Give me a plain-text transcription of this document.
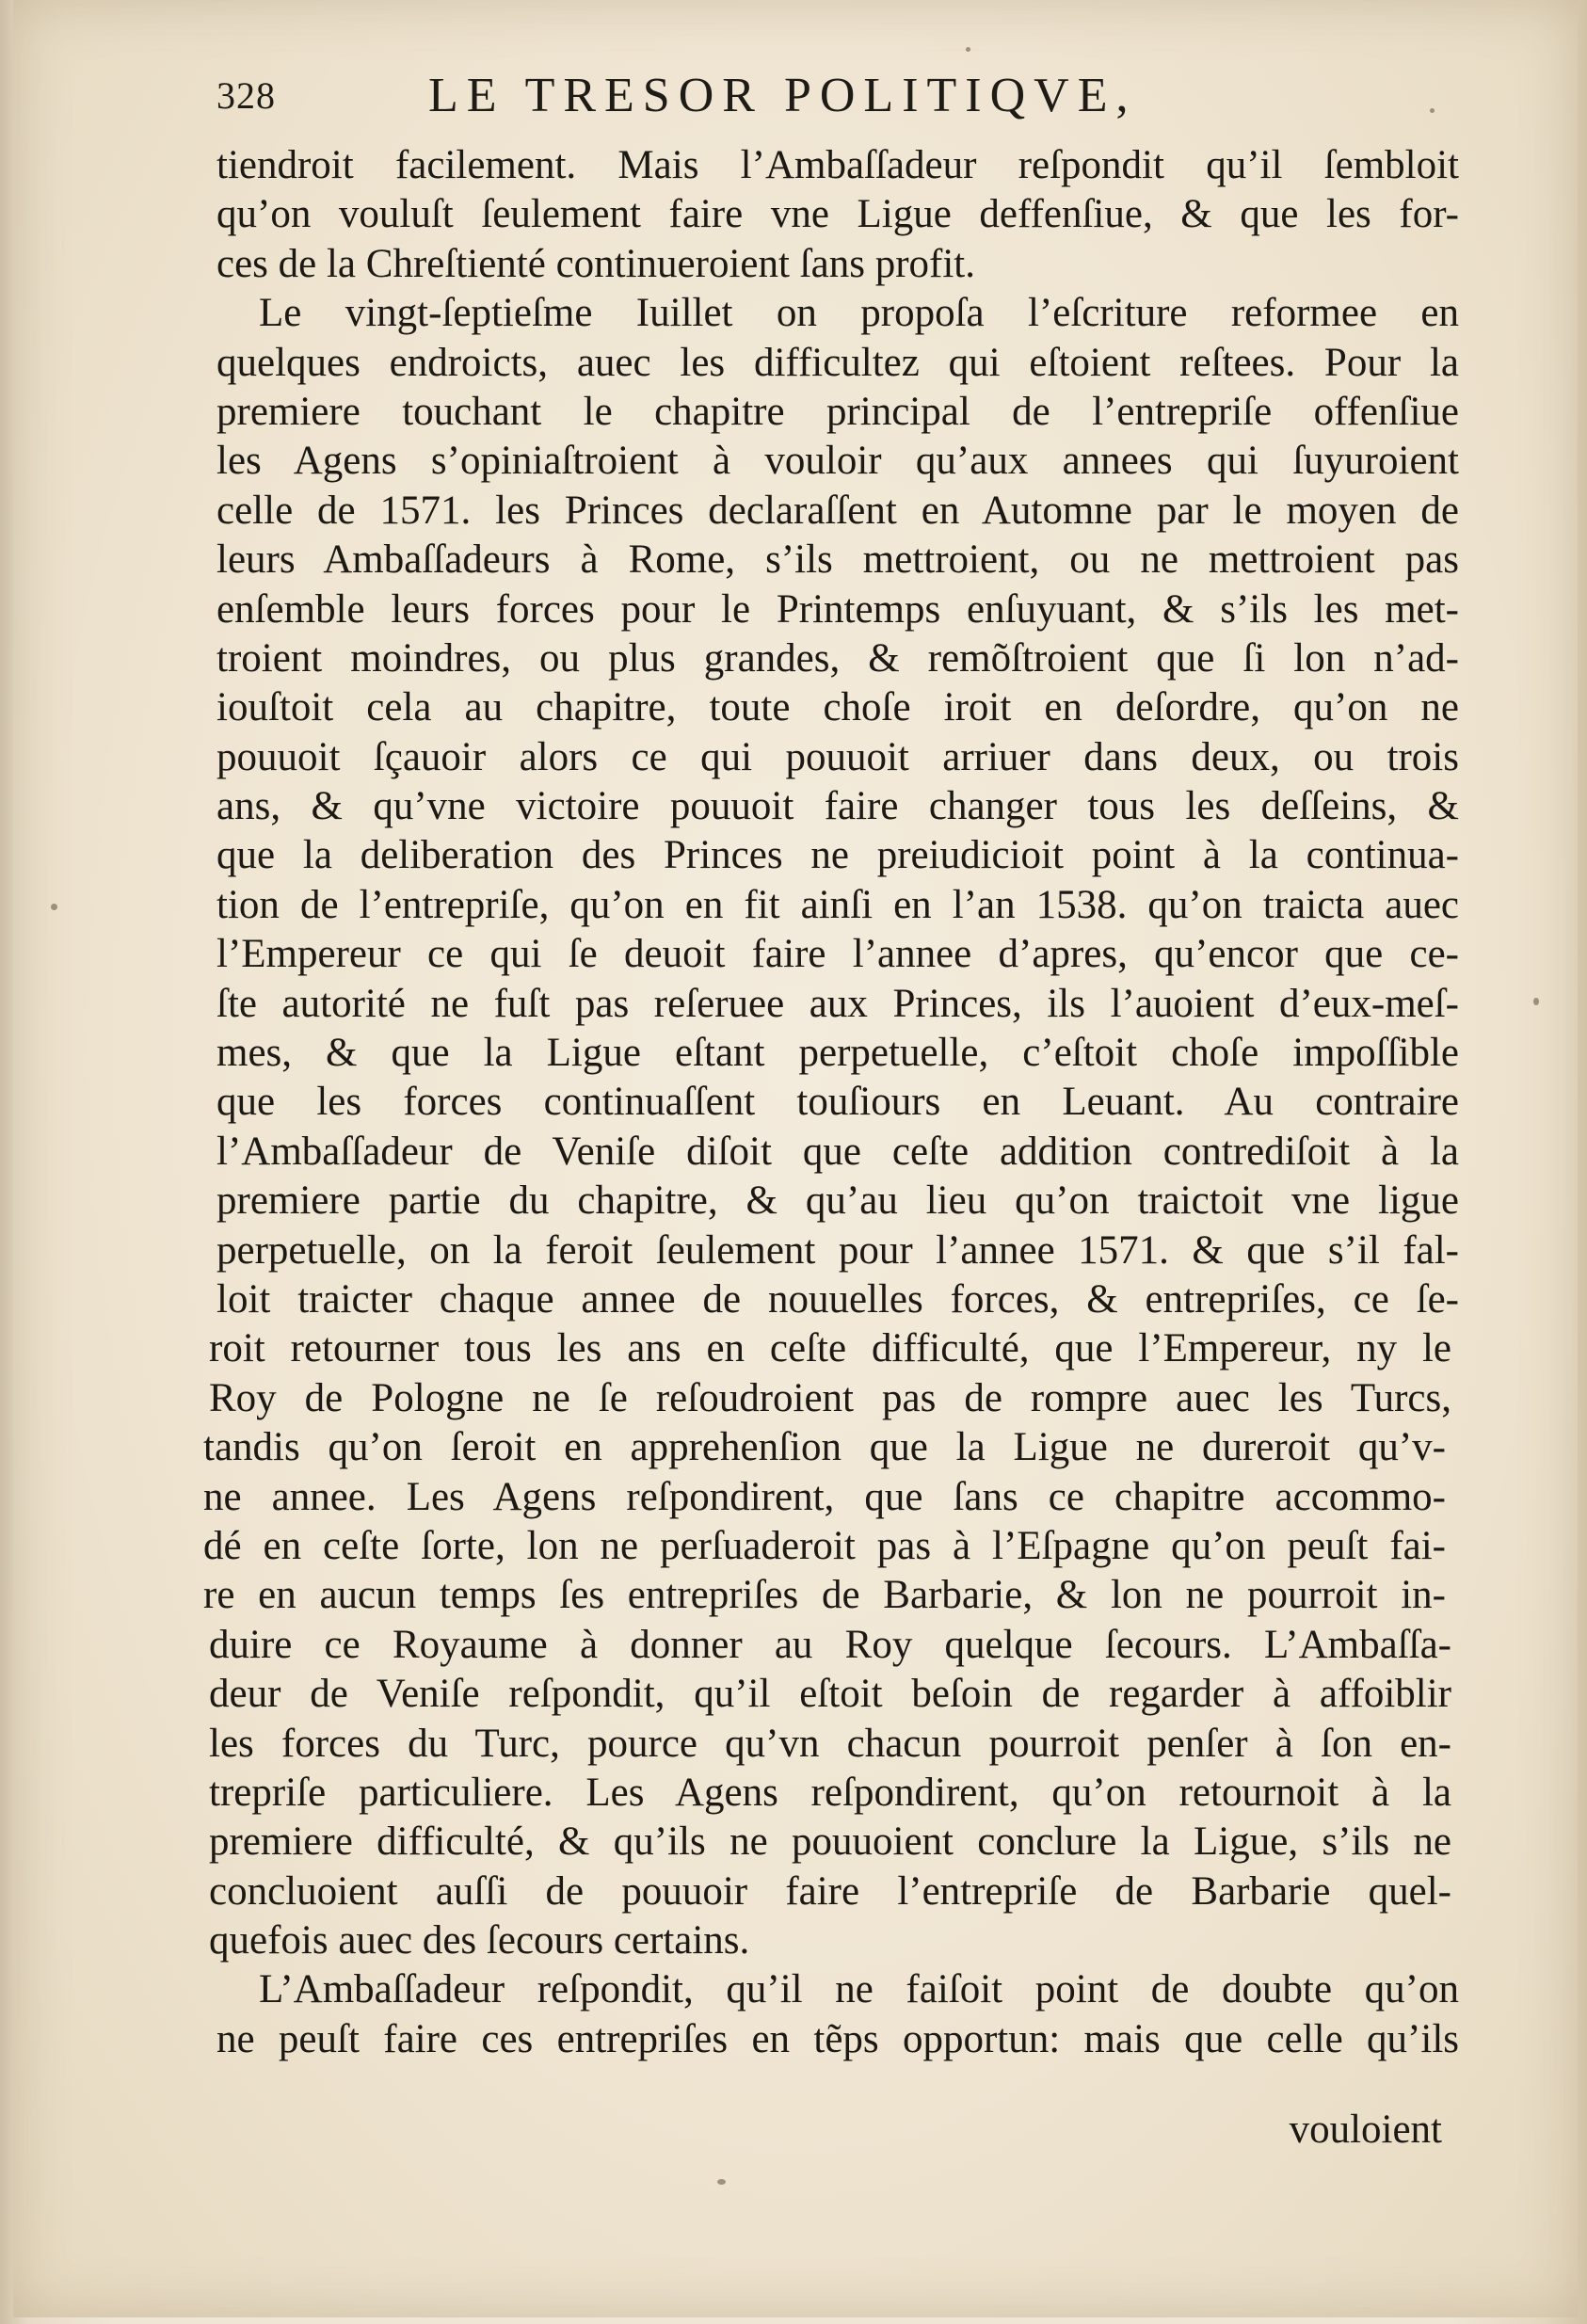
328	LE TRESOR POLITIQVE,
tiendroit facilement. Mais l’Ambaſſadeur reſpondit qu’il ſembloit
qu’on vouluſt ſeulement faire vne Ligue deffenſiue, & que les for-
ces de la Chreſtienté continueroient ſans profit.
Le vingt-ſeptieſme Iuillet on propoſa l’eſcriture reformee en
quelques endroicts, auec les difficultez qui eſtoient reſtees. Pour la
premiere touchant le chapitre principal de l’entrepriſe offenſiue
les Agens s’opiniaſtroient à vouloir qu’aux annees qui ſuyuroient
celle de 1571. les Princes declaraſſent en Automne par le moyen de
leurs Ambaſſadeurs à Rome, s’ils mettroient, ou ne mettroient pas
enſemble leurs forces pour le Printemps enſuyuant, & s’ils les met-
troient moindres, ou plus grandes, & remõſtroient que ſi lon n’ad-
iouſtoit cela au chapitre, toute choſe iroit en deſordre, qu’on ne
pouuoit ſçauoir alors ce qui pouuoit arriuer dans deux, ou trois
ans, & qu’vne victoire pouuoit faire changer tous les deſſeins, &
que la deliberation des Princes ne preiudicioit point à la continua-
tion de l’entrepriſe, qu’on en fit ainſi en l’an 1538. qu’on traicta auec
l’Empereur ce qui ſe deuoit faire l’annee d’apres, qu’encor que ce-
ſte autorité ne fuſt pas reſeruee aux Princes, ils l’auoient d’eux-meſ-
mes, & que la Ligue eſtant perpetuelle, c’eſtoit choſe impoſſible
que les forces continuaſſent touſiours en Leuant. Au contraire
l’Ambaſſadeur de Veniſe diſoit que ceſte addition contrediſoit à la
premiere partie du chapitre, & qu’au lieu qu’on traictoit vne ligue
perpetuelle, on la feroit ſeulement pour l’annee 1571. & que s’il fal-
loit traicter chaque annee de nouuelles forces, & entrepriſes, ce ſe-
roit retourner tous les ans en ceſte difficulté, que l’Empereur, ny le
Roy de Pologne ne ſe reſoudroient pas de rompre auec les Turcs,
tandis qu’on ſeroit en apprehenſion que la Ligue ne dureroit qu’v-
ne annee. Les Agens reſpondirent, que ſans ce chapitre accommo-
dé en ceſte ſorte, lon ne perſuaderoit pas à l’Eſpagne qu’on peuſt fai-
re en aucun temps ſes entrepriſes de Barbarie, & lon ne pourroit in-
duire ce Royaume à donner au Roy quelque ſecours. L’Ambaſſa-
deur de Veniſe reſpondit, qu’il eſtoit beſoin de regarder à affoiblir
les forces du Turc, pource qu’vn chacun pourroit penſer à ſon en-
trepriſe particuliere. Les Agens reſpondirent, qu’on retournoit à la
premiere difficulté, & qu’ils ne pouuoient conclure la Ligue, s’ils ne
concluoient auſſi de pouuoir faire l’entrepriſe de Barbarie quel-
quefois auec des ſecours certains.
L’Ambaſſadeur reſpondit, qu’il ne faiſoit point de doubte qu’on
ne peuſt faire ces entrepriſes en tẽps opportun: mais que celle qu’ils
vouloient
